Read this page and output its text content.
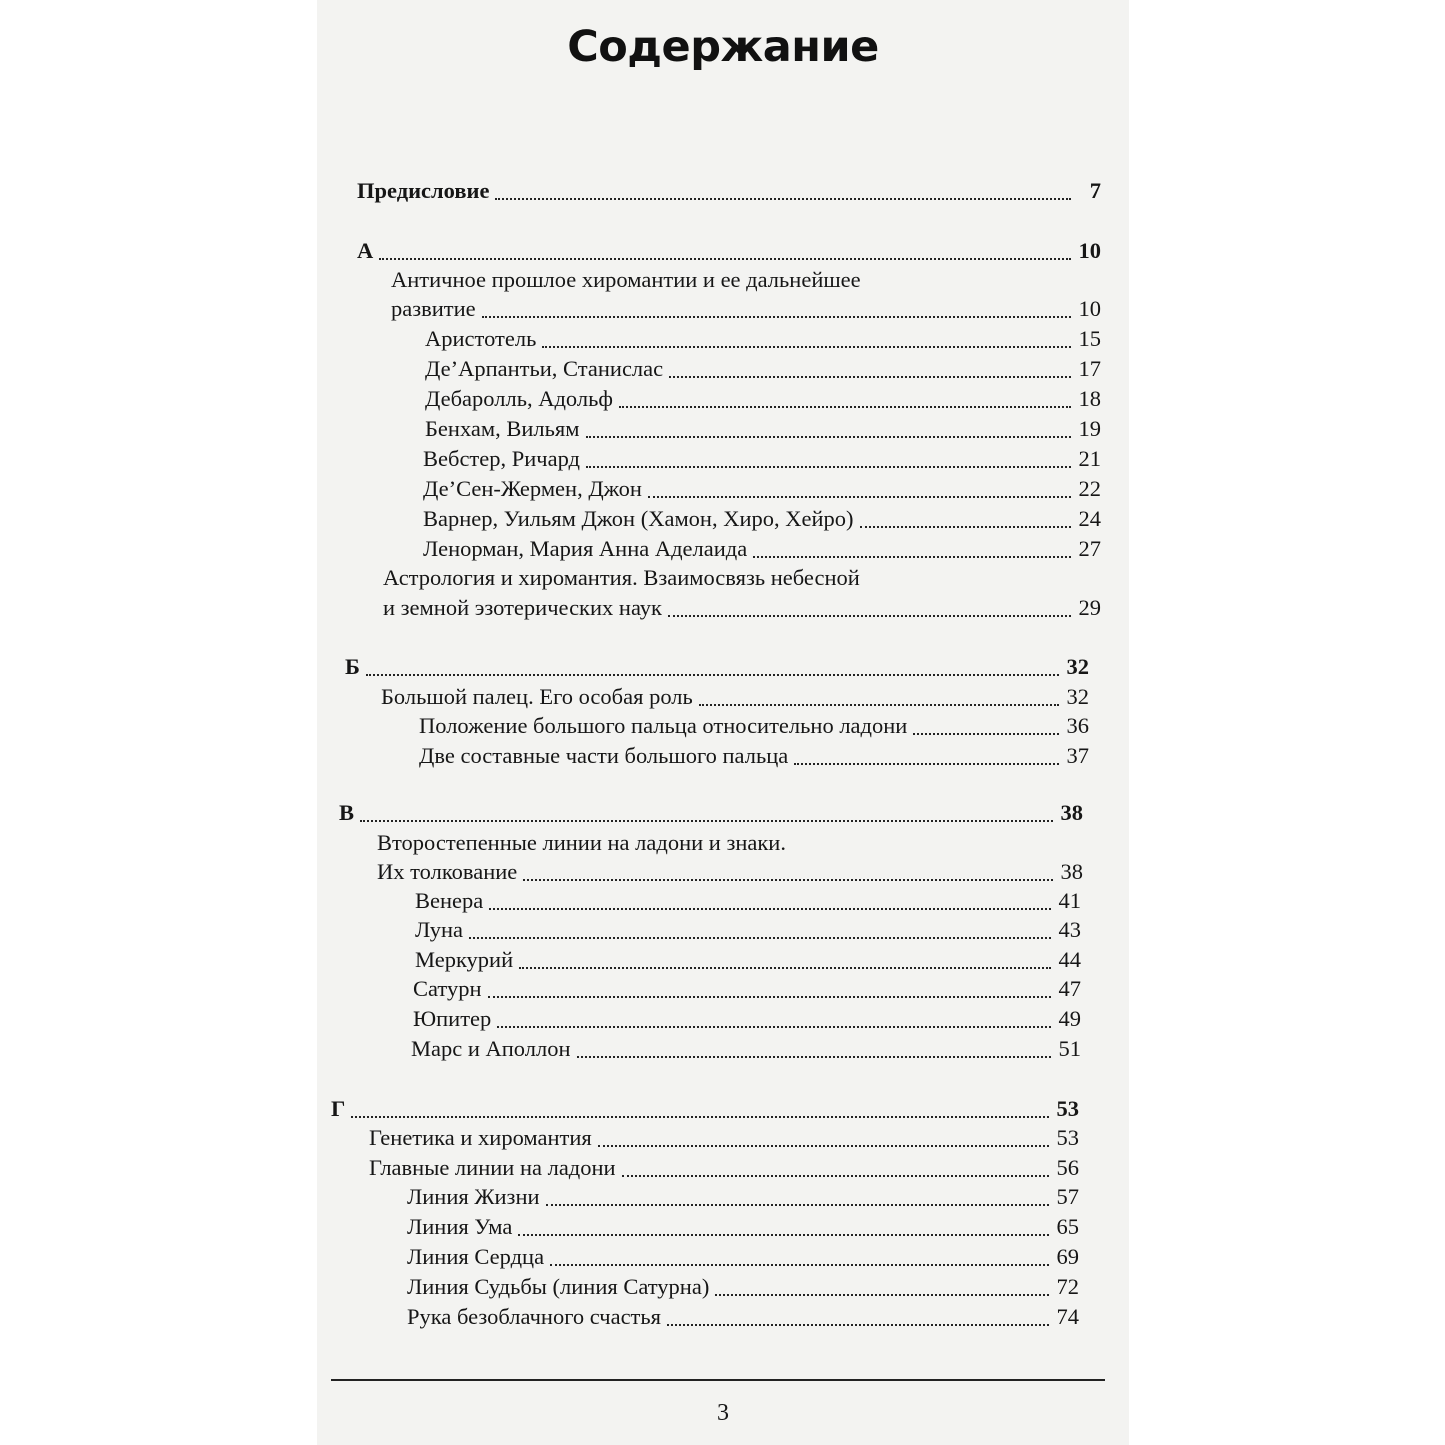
Содержание
Предисловие	7
А	10
Античное прошлое хиромантии и ее дальнейшее
развитие	10
Аристотель	15
Де’Арпантьи, Станислас	17
Дебаролль, Адольф	18
Бенхам, Вильям	19
Вебстер, Ричард	21
Де’Сен-Жермен, Джон	22
Варнер, Уильям Джон (Хамон, Хиро, Хейро)	24
Ленорман, Мария Анна Аделаида	27
Астрология и хиромантия. Взаимосвязь небесной
и земной эзотерических наук	29
Б	32
Большой палец. Его особая роль	32
Положение большого пальца относительно ладони	36
Две составные части большого пальца	37
В	38
Второстепенные линии на ладони и знаки.
Их толкование	38
Венера	41
Луна	43
Меркурий	44
Сатурн	47
Юпитер	49
Марс и Аполлон	51
Г	53
Генетика и хиромантия	53
Главные линии на ладони	56
Линия Жизни	57
Линия Ума	65
Линия Сердца	69
Линия Судьбы (линия Сатурна)	72
Рука безоблачного счастья	74
3
